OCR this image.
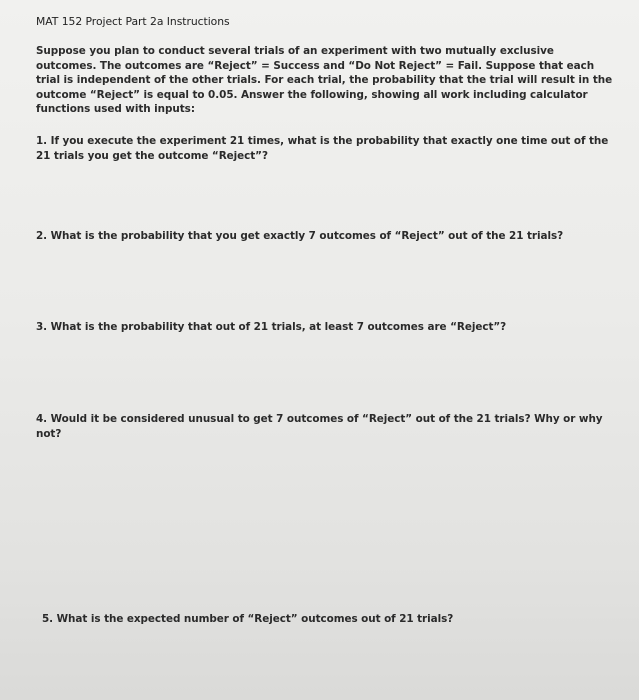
MAT 152 Project Part 2a Instructions
Suppose you plan to conduct several trials of an experiment with two mutually exclusive outcomes. The outcomes are “Reject” = Success and “Do Not Reject” = Fail. Suppose that each trial is independent of the other trials. For each trial, the probability that the trial will result in the outcome “Reject” is equal to 0.05. Answer the following, showing all work including calculator functions used with inputs:
1. If you execute the experiment 21 times, what is the probability that exactly one time out of the 21 trials you get the outcome “Reject”?
2. What is the probability that you get exactly 7 outcomes of “Reject” out of the 21 trials?
3. What is the probability that out of 21 trials, at least 7 outcomes are “Reject”?
4. Would it be considered unusual to get 7 outcomes of “Reject” out of the 21 trials? Why or why not?
5. What is the expected number of “Reject” outcomes out of 21 trials?
